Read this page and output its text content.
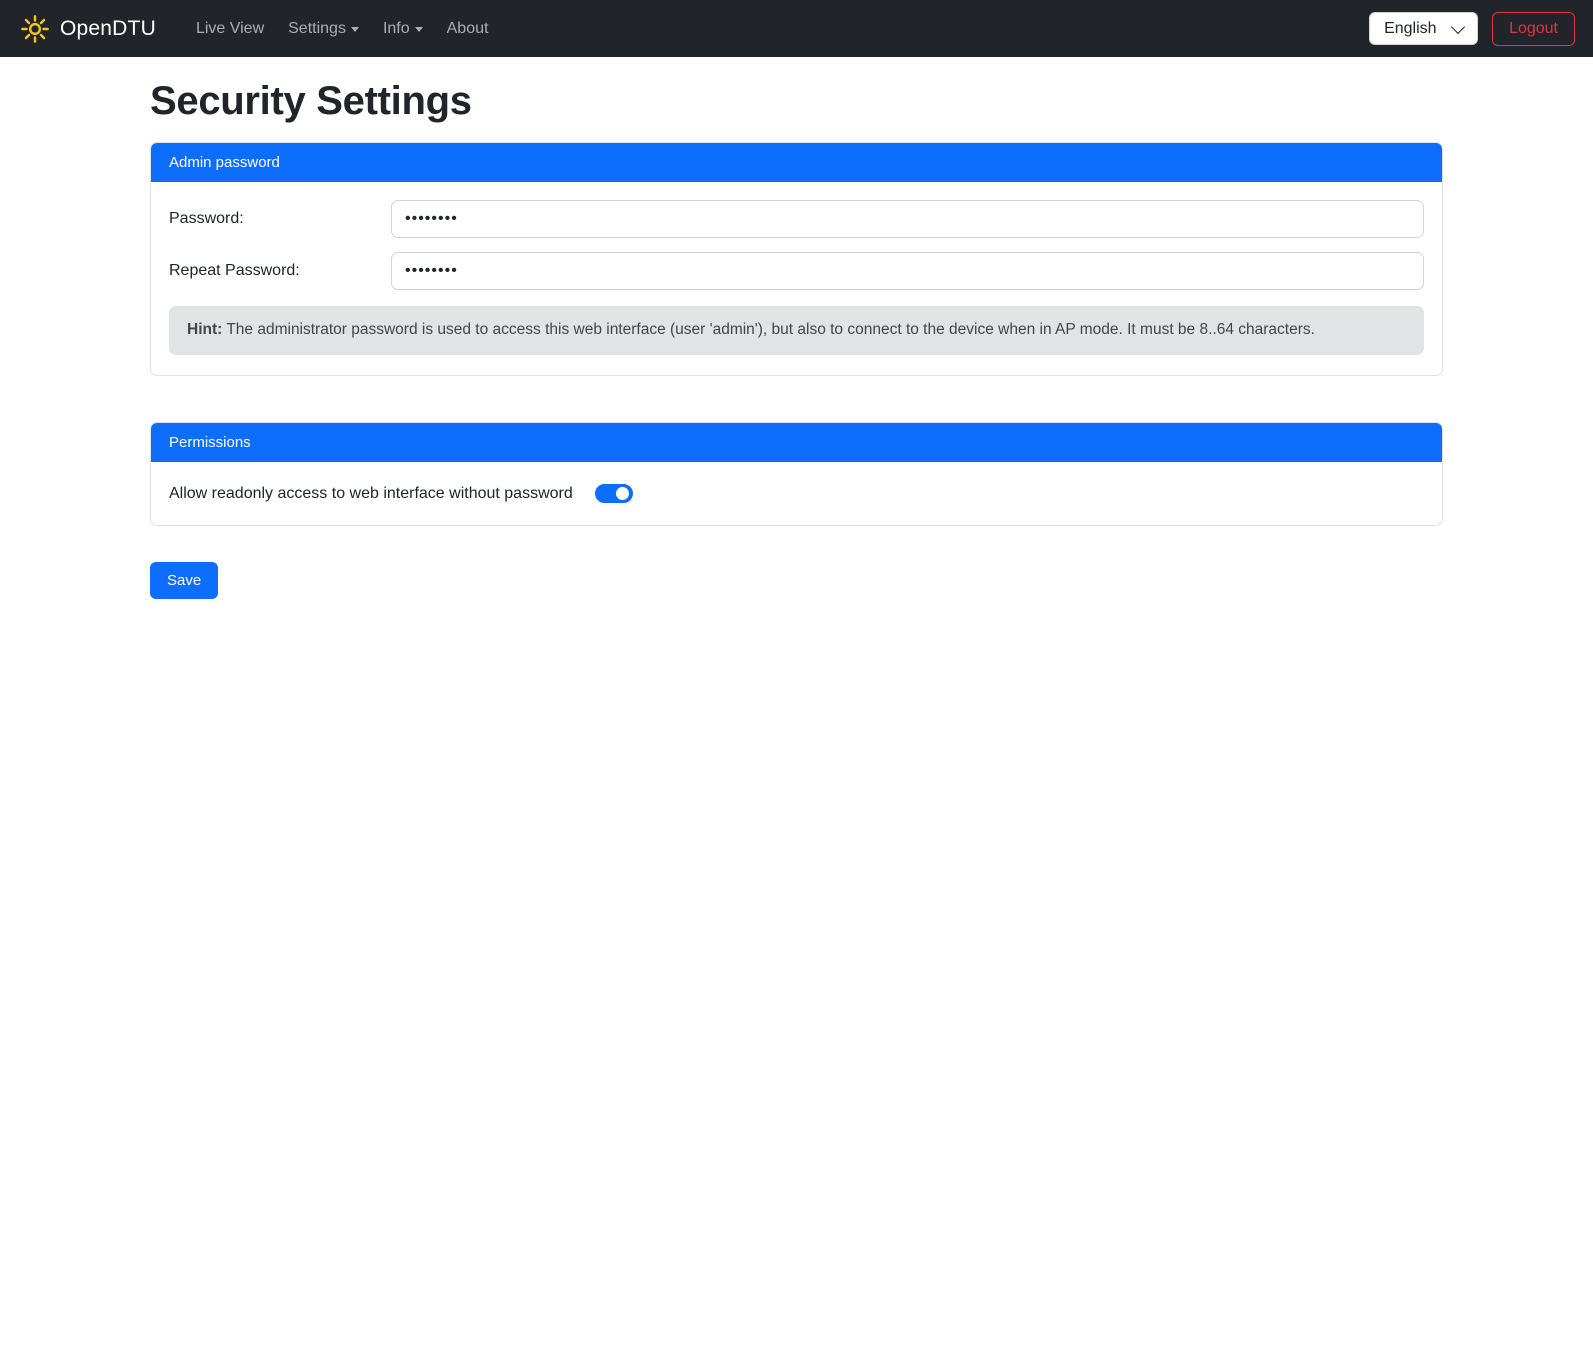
OpenDTU	Live View Settings Info About
English	Logout
Security Settings
Admin password
Password:
Repeat Password:
Hint: The administrator password is used to access this web interface (user 'admin'), but also to connect to the device when in AP mode. It must be 8..64 characters.
Permissions
Allow readonly access to web interface without password
Save
